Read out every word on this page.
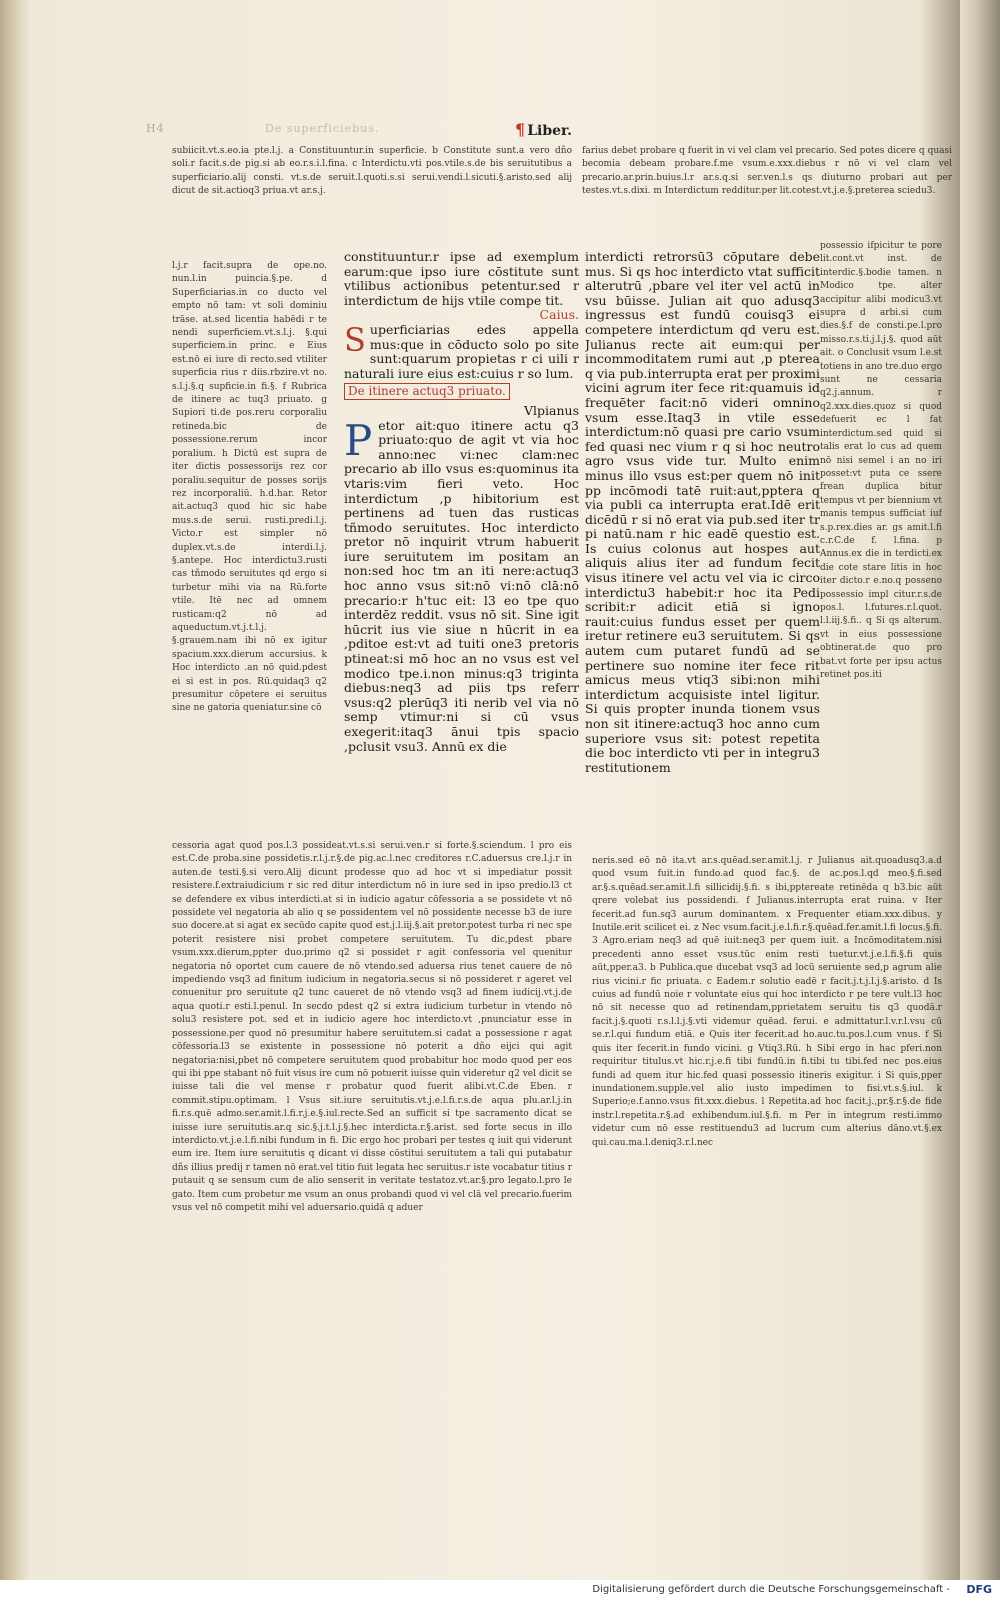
H4	De superficiebus.	¶ Liber.

subiicit.vt.s.eo.ia pte.l.j. a Constituuntur.in superficie. b Constitute sunt.a vero dño soli.r facit.s.de pig.si ab eo.r.s.i.l.fina. c Interdictu.vti pos.vtile.s.de bis seruitutibus a superficiario.alij consti. vt.s.de seruit.l.quoti.s.si serui.vendi.l.sicuti.§.aristo.sed alij dicut de sit.actioq3 priua.vt ar.s.j.

l.j.r facit.supra de ope.no. nun.l.in puincia.§.pe. d Superficiarias.in co ducto vel empto nō tam: vt soli dominiu trāse. at.sed licentia habēdi r te nendi superficiem.vt.s.l.j. §.qui superficiem.in princ. e Eius est.nō ei iure di recto.sed vtiliter superficia rius r diis.rbzire.vt no. s.l.j.§.q supficie.in fi.§. f Rubrica de itinere ac tuq3 priuato. g Supiori ti.de pos.reru corporaliu retineda.bic de possessione.rerum incor poralium. h Dictū est supra de iter dictis possessorijs rez cor poraliu.sequitur de posses sorijs rez incorporaliū. h.d.har. Retor ait.actuq3 quod hic sic habe mus.s.de serui. rusti.predi.l.j. Victo.r est simpler nō duplex.vt.s.de interdi.l.j. §.antepe. Hoc interdictu3.rusti cas tñmodo seruitutes qd ergo si turbetur mihi via na Rū.forte vtile. Itē nec ad omnem rusticam:q2 nō ad aqueductum.vt.j.t.l.j. §.grauem.nam ibi nō ex igitur spacium.xxx.dierum accursius. k Hoc interdicto .an nō quid.pdest ei si est in pos. Rū.quidaq3 q2 presumitur cōpetere ei seruitus sine ne gatoria queniatur.sine cō

farius debet probare q fuerit in vi vel clam vel precario. Sed potes dicere q quasi becomia debeam probare.f.me vsum.e.xxx.diebus r nō vi vel clam vel precario.ar.prin.buius.l.r ar.s.q.si ser.ven.l.s qs diuturno probari aut per testes.vt.s.dixi. m Interdictum redditur.per lit.cotest.vt.j.e.§.preterea sciedu3.

constituuntur.r ipse ad exemplum earum:que ipso iure cōstitute sunt vtilibus actionibus petentur.sed r interdictum de hijs vtile compe tit.

Caius.

Superficiarias edes appella mus:que in cōducto solo po site sunt:quarum propietas r ci uili r naturali iure eius est:cuius r so lum.

De itinere actuq3 priuato.

Vlpianus

Petor ait:quo itinere actu q3 priuato:quo de agit vt via hoc anno:nec vi:nec clam:nec precario ab illo vsus es:quominus ita vtaris:vim fieri veto. Hoc interdictum ,p hibitorium est pertinens ad tuen das rusticas tñmodo seruitutes. Hoc interdicto pretor nō inquirit vtrum habuerit iure seruitutem im positam an non:sed hoc tm an iti nere:actuq3 hoc anno vsus sit:nō vi:nō clā:nō precario:r h'tuc eit: l3 eo tpe quo interdēz reddit. vsus nō sit. Sine igit hūcrit ius vie siue n hūcrit in ea ,pditoe est:vt ad tuiti one3 pretoris ptineat:si mō hoc an no vsus est vel modico tpe.i.non minus:q3 triginta diebus:neq3 ad piis tps referr vsus:q2 plerūq3 iti nerib vel via nō semp vtimur:ni si cū vsus exegerit:itaq3 ānui tpis spacio ,pclusit vsu3. Annū ex die

interdicti retrorsū3 cōputare debe mus. Si qs hoc interdicto vtat sufficit alterutrū ,pbare vel iter vel actū in vsu būisse. Julian ait quo adusq3 ingressus est fundū couisq3 ei competere interdictum qd veru est. Julianus recte ait eum:qui per incommoditatem rumi aut ,p pterea q via pub.interrupta erat per proximi vicini agrum iter fece rit:quamuis id frequēter facit:nō videri omnino vsum esse.Itaq3 in vtile esse interdictum:nō quasi pre cario vsum fed quasi nec vium r q si hoc neutro agro vsus vide tur. Multo enim minus illo vsus est:per quem nō init pp incōmodi tatē ruit:aut,pptera q via publi ca interrupta erat.Idē erit dicēdū r si nō erat via pub.sed iter tr pi natū.nam r hic eadē questio est. Is cuius colonus aut hospes aut aliquis alius iter ad fundum fecit visus itinere vel actu vel via ic circo interdictu3 habebit:r hoc ita Pedi scribit:r adicit etiā si igno rauit:cuius fundus esset per quem iretur retinere eu3 seruitutem. Si qs autem cum putaret fundū ad se pertinere suo nomine iter fece rit amicus meus vtiq3 sibi:non mihi interdictum acquisiste intel ligitur. Si quis propter inunda tionem vsus non sit itinere:actuq3 hoc anno cum superiore vsus sit: potest repetita die boc interdicto vti per in integru3 restitutionem

possessio ifpicitur te pore lit.cont.vt inst. de interdic.§.bodie tamen. n Modico tpe. alter accipitur alibi modicu3.vt supra d arbi.si cum dies.§.f de consti.pe.l.pro misso.r.s.ti.j.l.j.§. quod aūt ait. o Conclusit vsum l.e.st totiens in ano tre.duo ergo sunt ne cessaria q2.j.annum. r q2.xxx.dies.quoz si quod defuerit ec l fat interdictum.sed quid si talis erat lo cus ad quem nō nisi semel i an no iri posset:vt puta ce ssere frean duplica bitur tempus vt per biennium vt manis tempus sufficiat iuf s.p.rex.dies ar. gs amit.l.fi c.r.C.de f. l.fina. p Annus.ex die in terdicti.ex die cote stare litis in hoc iter dicto.r e.no.q posseno possessio impl citur.r.s.de pos.l. l.futures.r.l.quot. l.l.iij.§.fi.. q Si qs alterum. vt in eius possessione obtinerat.de quo pro bat.vt forte per ipsu actus retinet pos.iti

cessoria agat quod pos.l.3 possideat.vt.s.si serui.ven.r si forte.§.sciendum. l pro eis est.C.de proba.sine possidetis.r.l.j.r.§.de pig.ac.l.nec creditores r.C.aduersus cre.l.j.r in auten.de testi.§.si vero.Alij dicunt prodesse quo ad hoc vt si impediatur possit resistere.f.extraiudicium r sic red ditur interdictum nō in iure sed in ipso predio.l3 ct se defendere ex vibus interdicti.at si in iudicio agatur cōfessoria a se possidete vt nō possidete vel negatoria ab alio q se possidentem vel nō possidente necesse b3 de iure suo docere.at si agat ex secūdo capite quod est.j.l.iij.§.ait pretor.potest turba ri nec spe poterit resistere nisi probet competere seruitutem. Tu dic,pdest pbare vsum.xxx.dierum,ppter duo.primo q2 si possidet r agit confessoria vel quenitur negatoria nō oportet cum cauere de nō vtendo.sed aduersa rius tenet cauere de nō impediendo vsq3 ad finitum iudicium in negatoria.secus si nō possideret r ageret vel conuenitur pro seruitute q2 tunc caueret de nō vtendo vsq3 ad finem iudicij.vt.j.de aqua quoti.r esti.l.penul. In secdo pdest q2 si extra iudicium turbetur in vtendo nō solu3 resistere pot. sed et in iudicio agere hoc interdicto.vt ,pnunciatur esse in possessione.per quod nō presumitur habere seruitutem.si cadat a possessione r agat cōfessoria.l3 se existente in possessione nō poterit a dño eijci qui agit negatoria:nisi,pbet nō competere seruitutem quod probabitur hoc modo quod per eos qui ibi ppe stabant nō fuit visus ire cum nō potuerit iuisse quin videretur q2 vel dicit se iuisse tali die vel mense r probatur quod fuerit alibi.vt.C.de Eben. r commit.stipu.optimam. l Vsus sit.iure seruitutis.vt.j.e.l.fi.r.s.de aqua plu.ar.l.j.in fi.r.s.quē admo.ser.amit.l.fi.r.j.e.§.iul.recte.Sed an sufficit si tpe sacramento dicat se iuisse iure seruitutis.ar.q sic.§.j.t.l.j.§.hec interdicta.r.§.arist. sed forte secus in illo interdicto.vt.j.e.l.fi.nibi fundum in fi. Dic ergo hoc probari per testes q iuit qui viderunt eum ire. Item iure seruitutis q dicant vi disse cōstitui seruitutem a tali qui putabatur dñs illius predij r tamen nō erat.vel titio fuit legata hec seruitus.r iste vocabatur titius r putauit q se sensum cum de alio senserit in veritate testatoz.vt.ar.§.pro legato.l.pro le gato. Item cum probetur me vsum an onus probandi quod vi vel clā vel precario.fuerim vsus vel nō competit mihi vel aduersario.quidā q aduer

neris.sed eō nō ita.vt ar.s.quēad.ser.amit.l.j. r Julianus ait.quoadusq3.a.d quod vsum fuit.in fundo.ad quod fac.§. de ac.pos.l.qd meo.§.fi.sed ar.§.s.quēad.ser.amit.l.fi sillicidij.§.fi. s ibi,pptereate retinēda q b3.bic aūt qrere volebat ius possidendi. f Julianus.interrupta erat ruina. v Iter fecerit.ad fun.sq3 aurum dominantem. x Frequenter etiam.xxx.dibus. y Inutile.erit scilicet ei. z Nec vsum.facit.j.e.l.fi.r.§.quēad.fer.amit.l.fi locus.§.fi. 3 Agro.eriam neq3 ad quē iuit:neq3 per quem iuit. a Incōmoditatem.nisi precedenti anno esset vsus.tūc enim resti tuetur.vt.j.e.l.fi.§.fi quis aūt,pper.a3. b Publica.que ducebat vsq3 ad locū seruiente sed,p agrum alie rius vicini.r fic priuata. c Eadem.r solutio eadē r facit.j.t.j.l.j.§.aristo. d Is cuius ad fundū noie r voluntate eius qui hoc interdicto r pe tere vult.l3 hoc nō sit necesse quo ad retinendam,pprietatem seruitu tis q3 quodā.r facit.j.§.quoti r.s.l.l.j.§.vti videmur quēad. ferui. e admittatur.l.v.r.l.vsu cū se.r.l.qui fundum etiā. e Quis iter fecerit.ad ho.auc.tu.pos.l.cum vnus. f Si quis iter fecerit.in fundo vicini. g Vtiq3.Rū. h Sibi ergo in hac pferi.non requiritur titulus.vt hic.r.j.e.fi tibi fundū.in fi.tibi tu tibi.fed nec pos.eius fundi ad quem itur hic.fed quasi possessio itineris exigitur. i Si quis,pper inundationem.supple.vel alio iusto impedimen to fisi.vt.s.§.iul. k Superio;e.f.anno.vsus fit.xxx.diebus. l Repetita.ad hoc facit.j.,pr.§.r.§.de fide instr.l.repetita.r.§.ad exhibendum.iul.§.fi. m Per in integrum resti.immo videtur cum nō esse restituendu3 ad lucrum cum alterius dāno.vt.§.ex qui.cau.ma.l.deniq3.r.l.nec

Digitalisierung gefördert durch die Deutsche Forschungsgemeinschaft - DFG
